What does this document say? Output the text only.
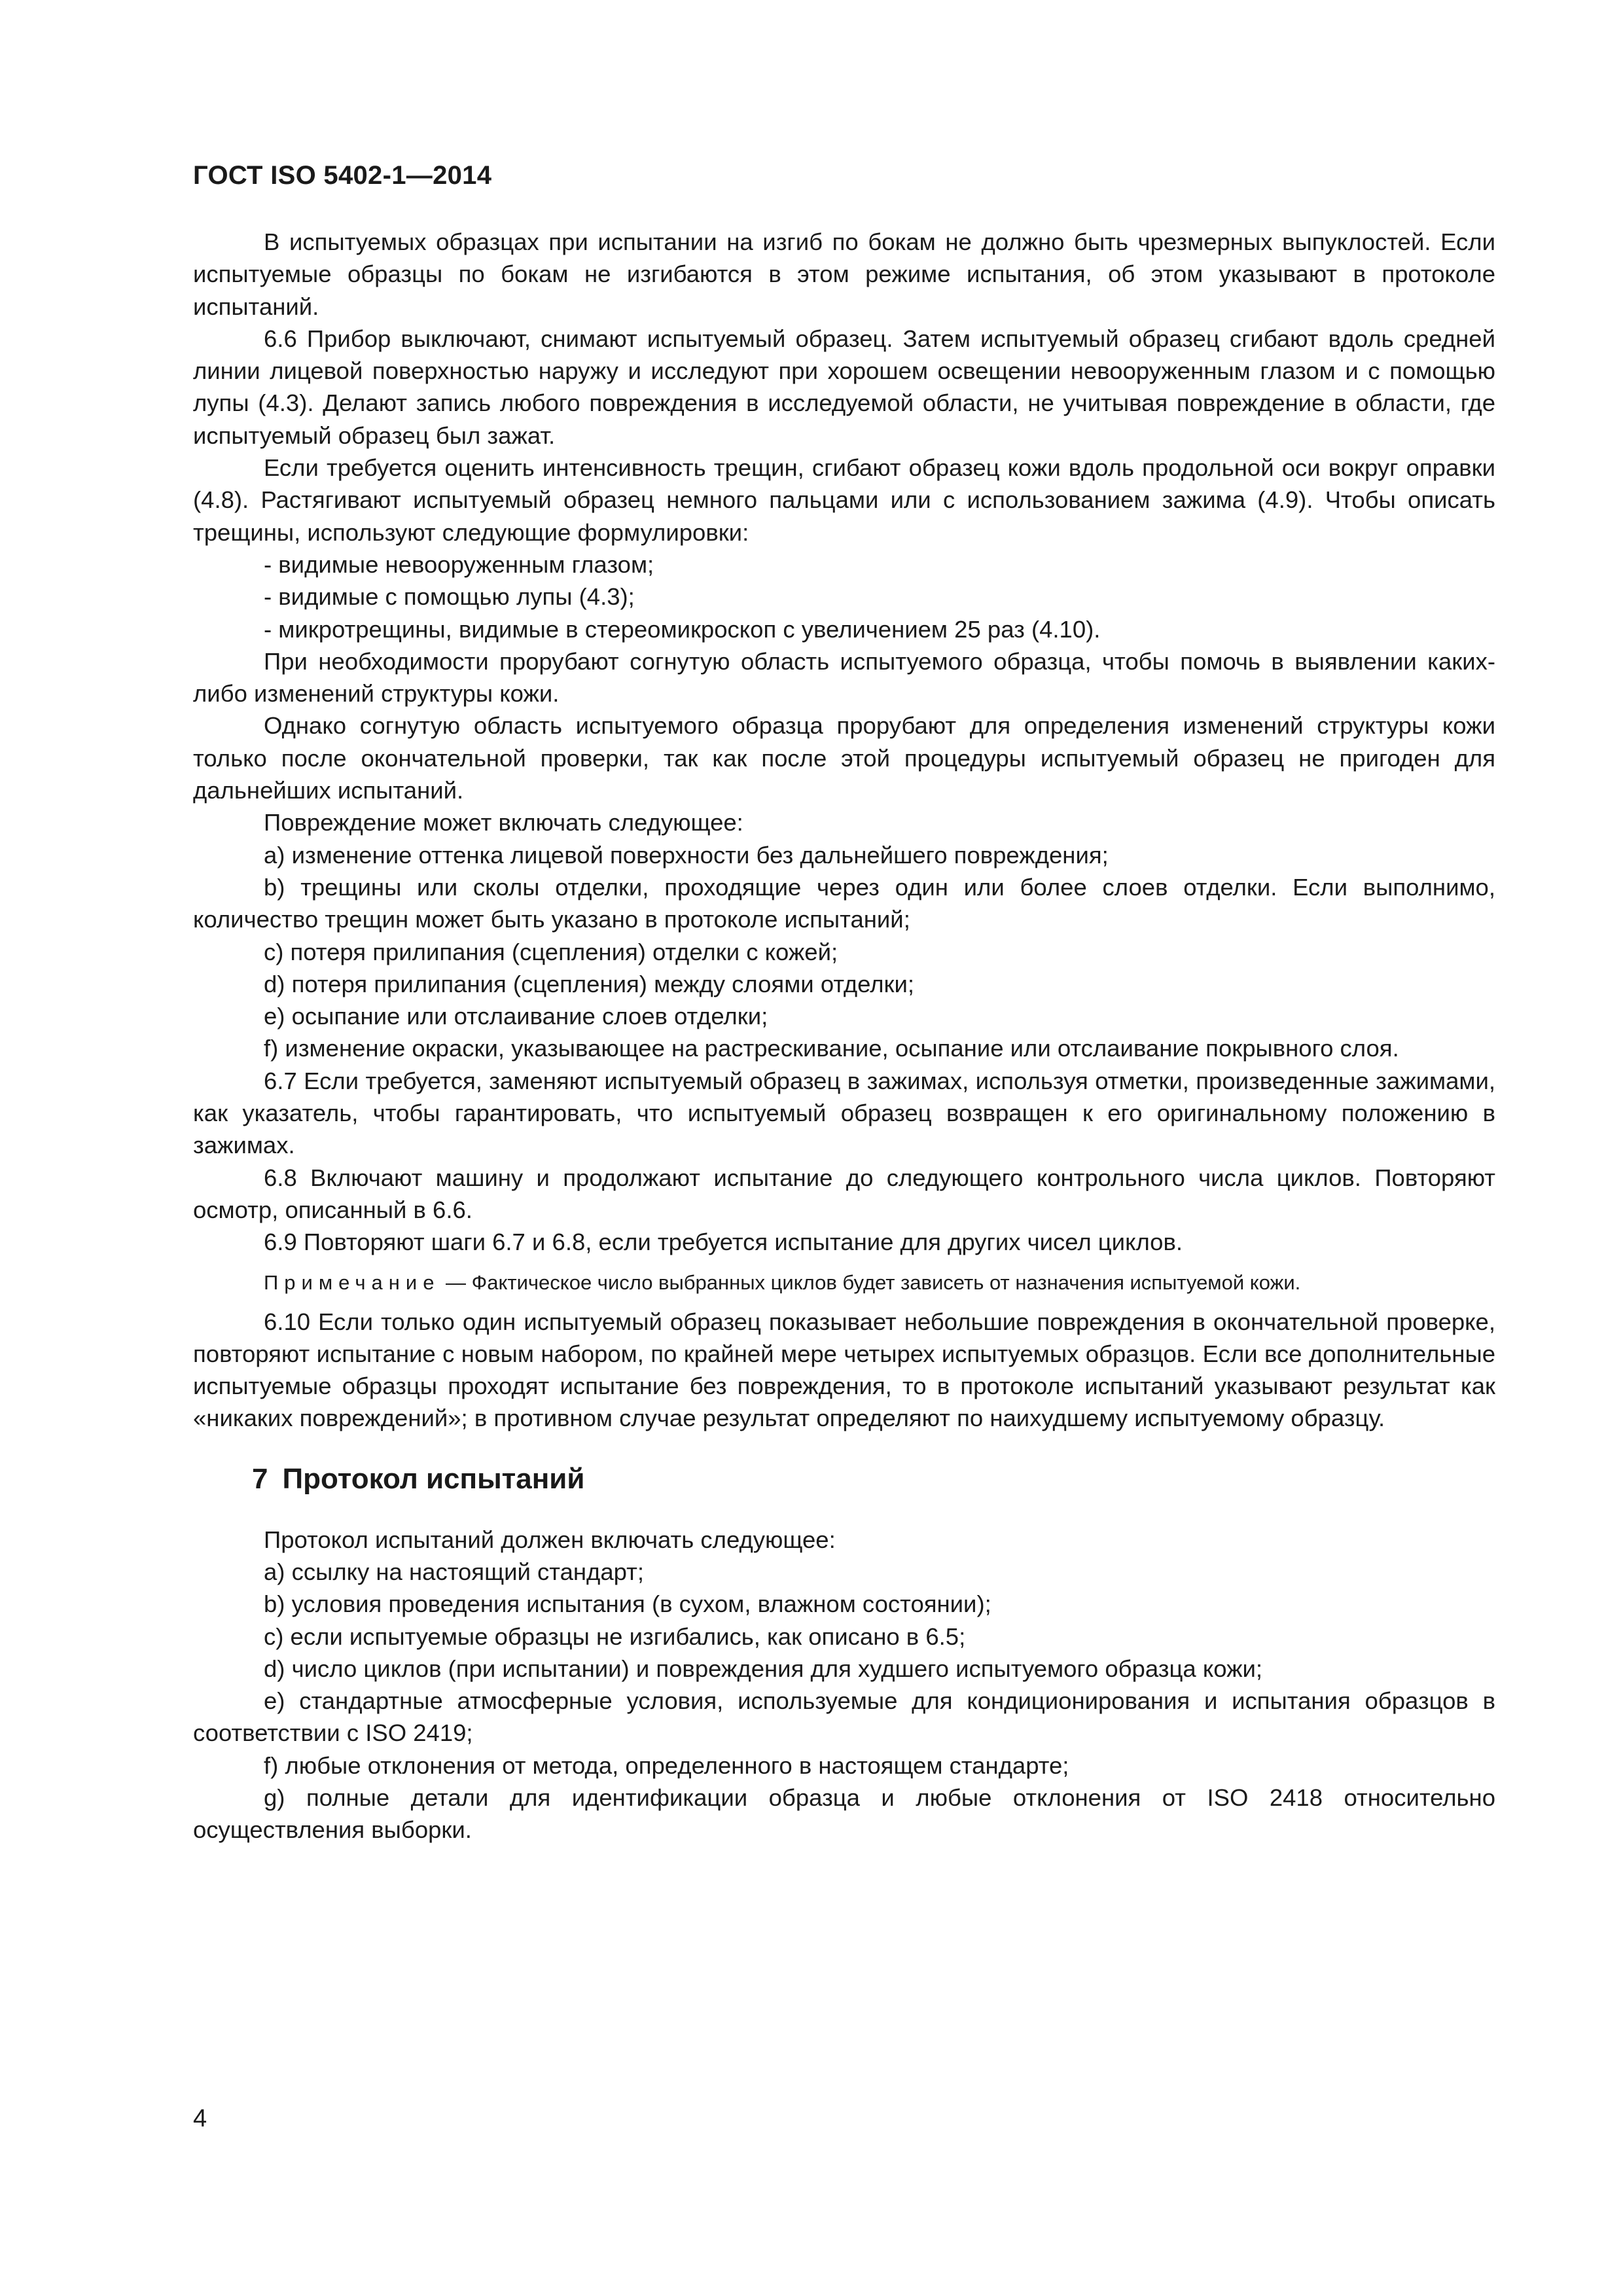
ГОСТ ISO 5402-1—2014

В испытуемых образцах при испытании на изгиб по бокам не должно быть чрезмерных выпуклостей. Если испытуемые образцы по бокам не изгибаются в этом режиме испытания, об этом указывают в протоколе испытаний.

6.6 Прибор выключают, снимают испытуемый образец. Затем испытуемый образец сгибают вдоль средней линии лицевой поверхностью наружу и исследуют при хорошем освещении невооруженным глазом и с помощью лупы (4.3). Делают запись любого повреждения в исследуемой области, не учитывая повреждение в области, где испытуемый образец был зажат.

Если требуется оценить интенсивность трещин, сгибают образец кожи вдоль продольной оси вокруг оправки (4.8). Растягивают испытуемый образец немного пальцами или с использованием зажима (4.9). Чтобы описать трещины, используют следующие формулировки:

- видимые невооруженным глазом;

- видимые с помощью лупы (4.3);

- микротрещины, видимые в стереомикроскоп с увеличением 25 раз (4.10).

При необходимости прорубают согнутую область испытуемого образца, чтобы помочь в выявлении каких-либо изменений структуры кожи.

Однако согнутую область испытуемого образца прорубают для определения изменений структуры кожи только после окончательной проверки, так как после этой процедуры испытуемый образец не пригоден для дальнейших испытаний.

Повреждение может включать следующее:

a) изменение оттенка лицевой поверхности без дальнейшего повреждения;

b) трещины или сколы отделки, проходящие через один или более слоев отделки. Если выполнимо, количество трещин может быть указано в протоколе испытаний;

c) потеря прилипания (сцепления) отделки с кожей;

d) потеря прилипания (сцепления) между слоями отделки;

e) осыпание или отслаивание слоев отделки;

f) изменение окраски, указывающее на растрескивание, осыпание или отслаивание покрывного слоя.

6.7 Если требуется, заменяют испытуемый образец в зажимах, используя отметки, произведенные зажимами, как указатель, чтобы гарантировать, что испытуемый образец возвращен к его оригинальному положению в зажимах.

6.8 Включают машину и продолжают испытание до следующего контрольного числа циклов. Повторяют осмотр, описанный в 6.6.

6.9 Повторяют шаги 6.7 и 6.8, если требуется испытание для других чисел циклов.

Примечание — Фактическое число выбранных циклов будет зависеть от назначения испытуемой кожи.

6.10 Если только один испытуемый образец показывает небольшие повреждения в окончательной проверке, повторяют испытание с новым набором, по крайней мере четырех испытуемых образцов. Если все дополнительные испытуемые образцы проходят испытание без повреждения, то в протоколе испытаний указывают результат как «никаких повреждений»; в противном случае результат определяют по наихудшему испытуемому образцу.

7 Протокол испытаний

Протокол испытаний должен включать следующее:

a) ссылку на настоящий стандарт;

b) условия проведения испытания (в сухом, влажном состоянии);

c) если испытуемые образцы не изгибались, как описано в 6.5;

d) число циклов (при испытании) и повреждения для худшего испытуемого образца кожи;

e) стандартные атмосферные условия, используемые для кондиционирования и испытания образцов в соответствии с ISO 2419;

f) любые отклонения от метода, определенного в настоящем стандарте;

g) полные детали для идентификации образца и любые отклонения от ISO 2418 относительно осуществления выборки.

4
